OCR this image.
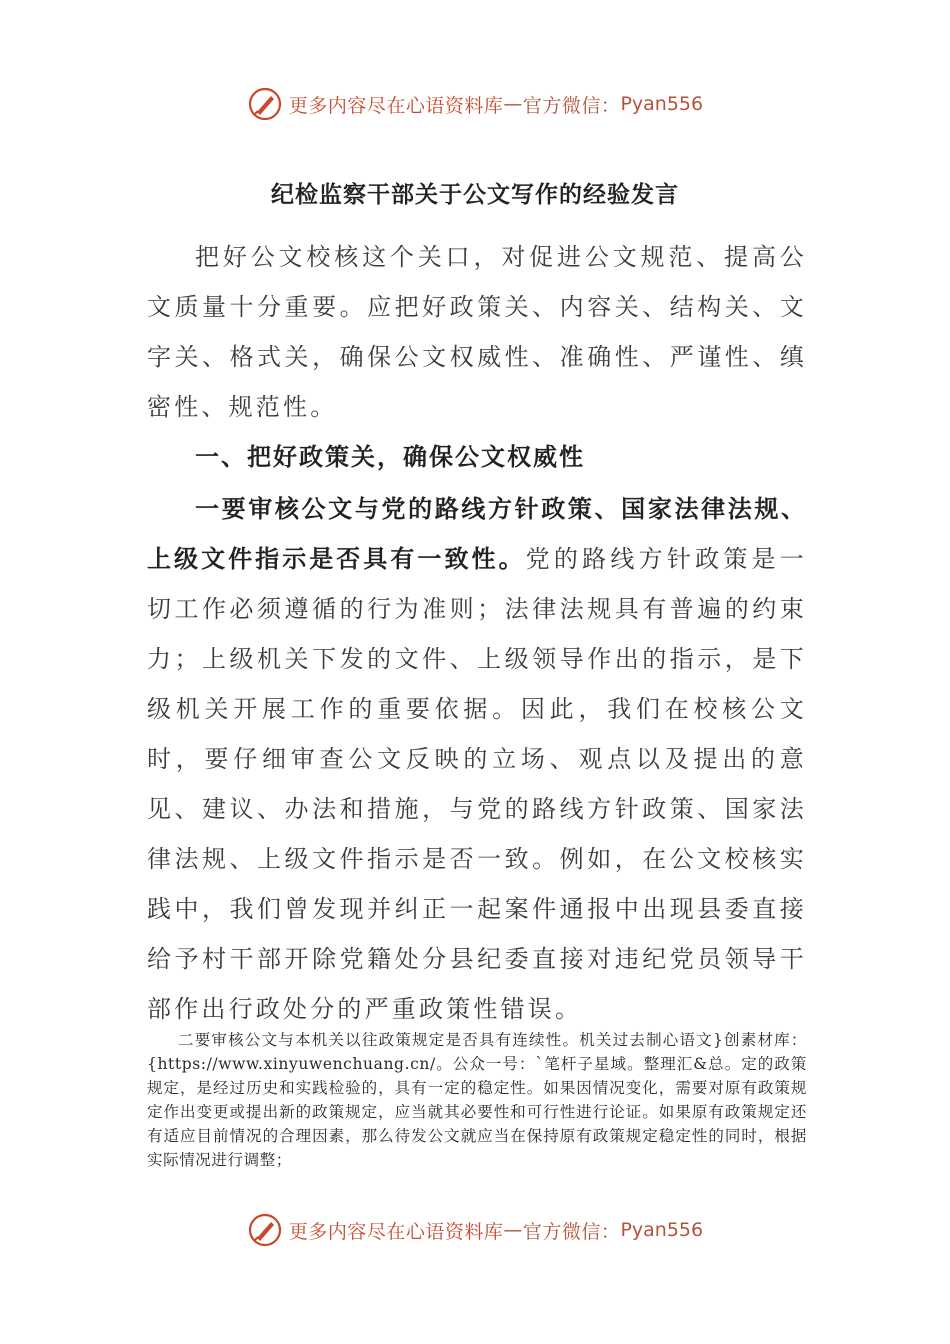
更多内容尽在心语资料库 — 官方微信： Pyan556
纪检监察干部关于公文写作的经验发言
把好公文校核这个关口，对促进公文规范、提高公文质量十分重要。应把好政策关、内容关、结构关、文字关、格式关，确保公文权威性、准确性、严谨性、缜密性、规范性。
一、把好政策关，确保公文权威性
一要审核公文与党的路线方针政策、国家法律法规、上级文件指示是否具有一致性。党的路线方针政策是一切工作必须遵循的行为准则；法律法规具有普遍的约束力；上级机关下发的文件、上级领导作出的指示，是下级机关开展工作的重要依据。因此，我们在校核公文时，要仔细审查公文反映的立场、观点以及提出的意见、建议、办法和措施，与党的路线方针政策、国家法律法规、上级文件指示是否一致。例如，在公文校核实践中，我们曾发现并纠正一起案件通报中出现县委直接给予村干部开除党籍处分县纪委直接对违纪党员领导干部作出行政处分的严重政策性错误。
二要审核公文与本机关以往政策规定是否具有连续性。机关过去制心语文}创素材库：{https://www.xinyuwenchuang.cn/。公众一号：`笔杆子星域。整理汇&总。定的政策规定，是经过历史和实践检验的，具有一定的稳定性。如果因情况变化，需要对原有政策规定作出变更或提出新的政策规定，应当就其必要性和可行性进行论证。如果原有政策规定还有适应目前情况的合理因素，那么待发公文就应当在保持原有政策规定稳定性的同时，根据实际情况进行调整；
更多内容尽在心语资料库 — 官方微信： Pyan556
